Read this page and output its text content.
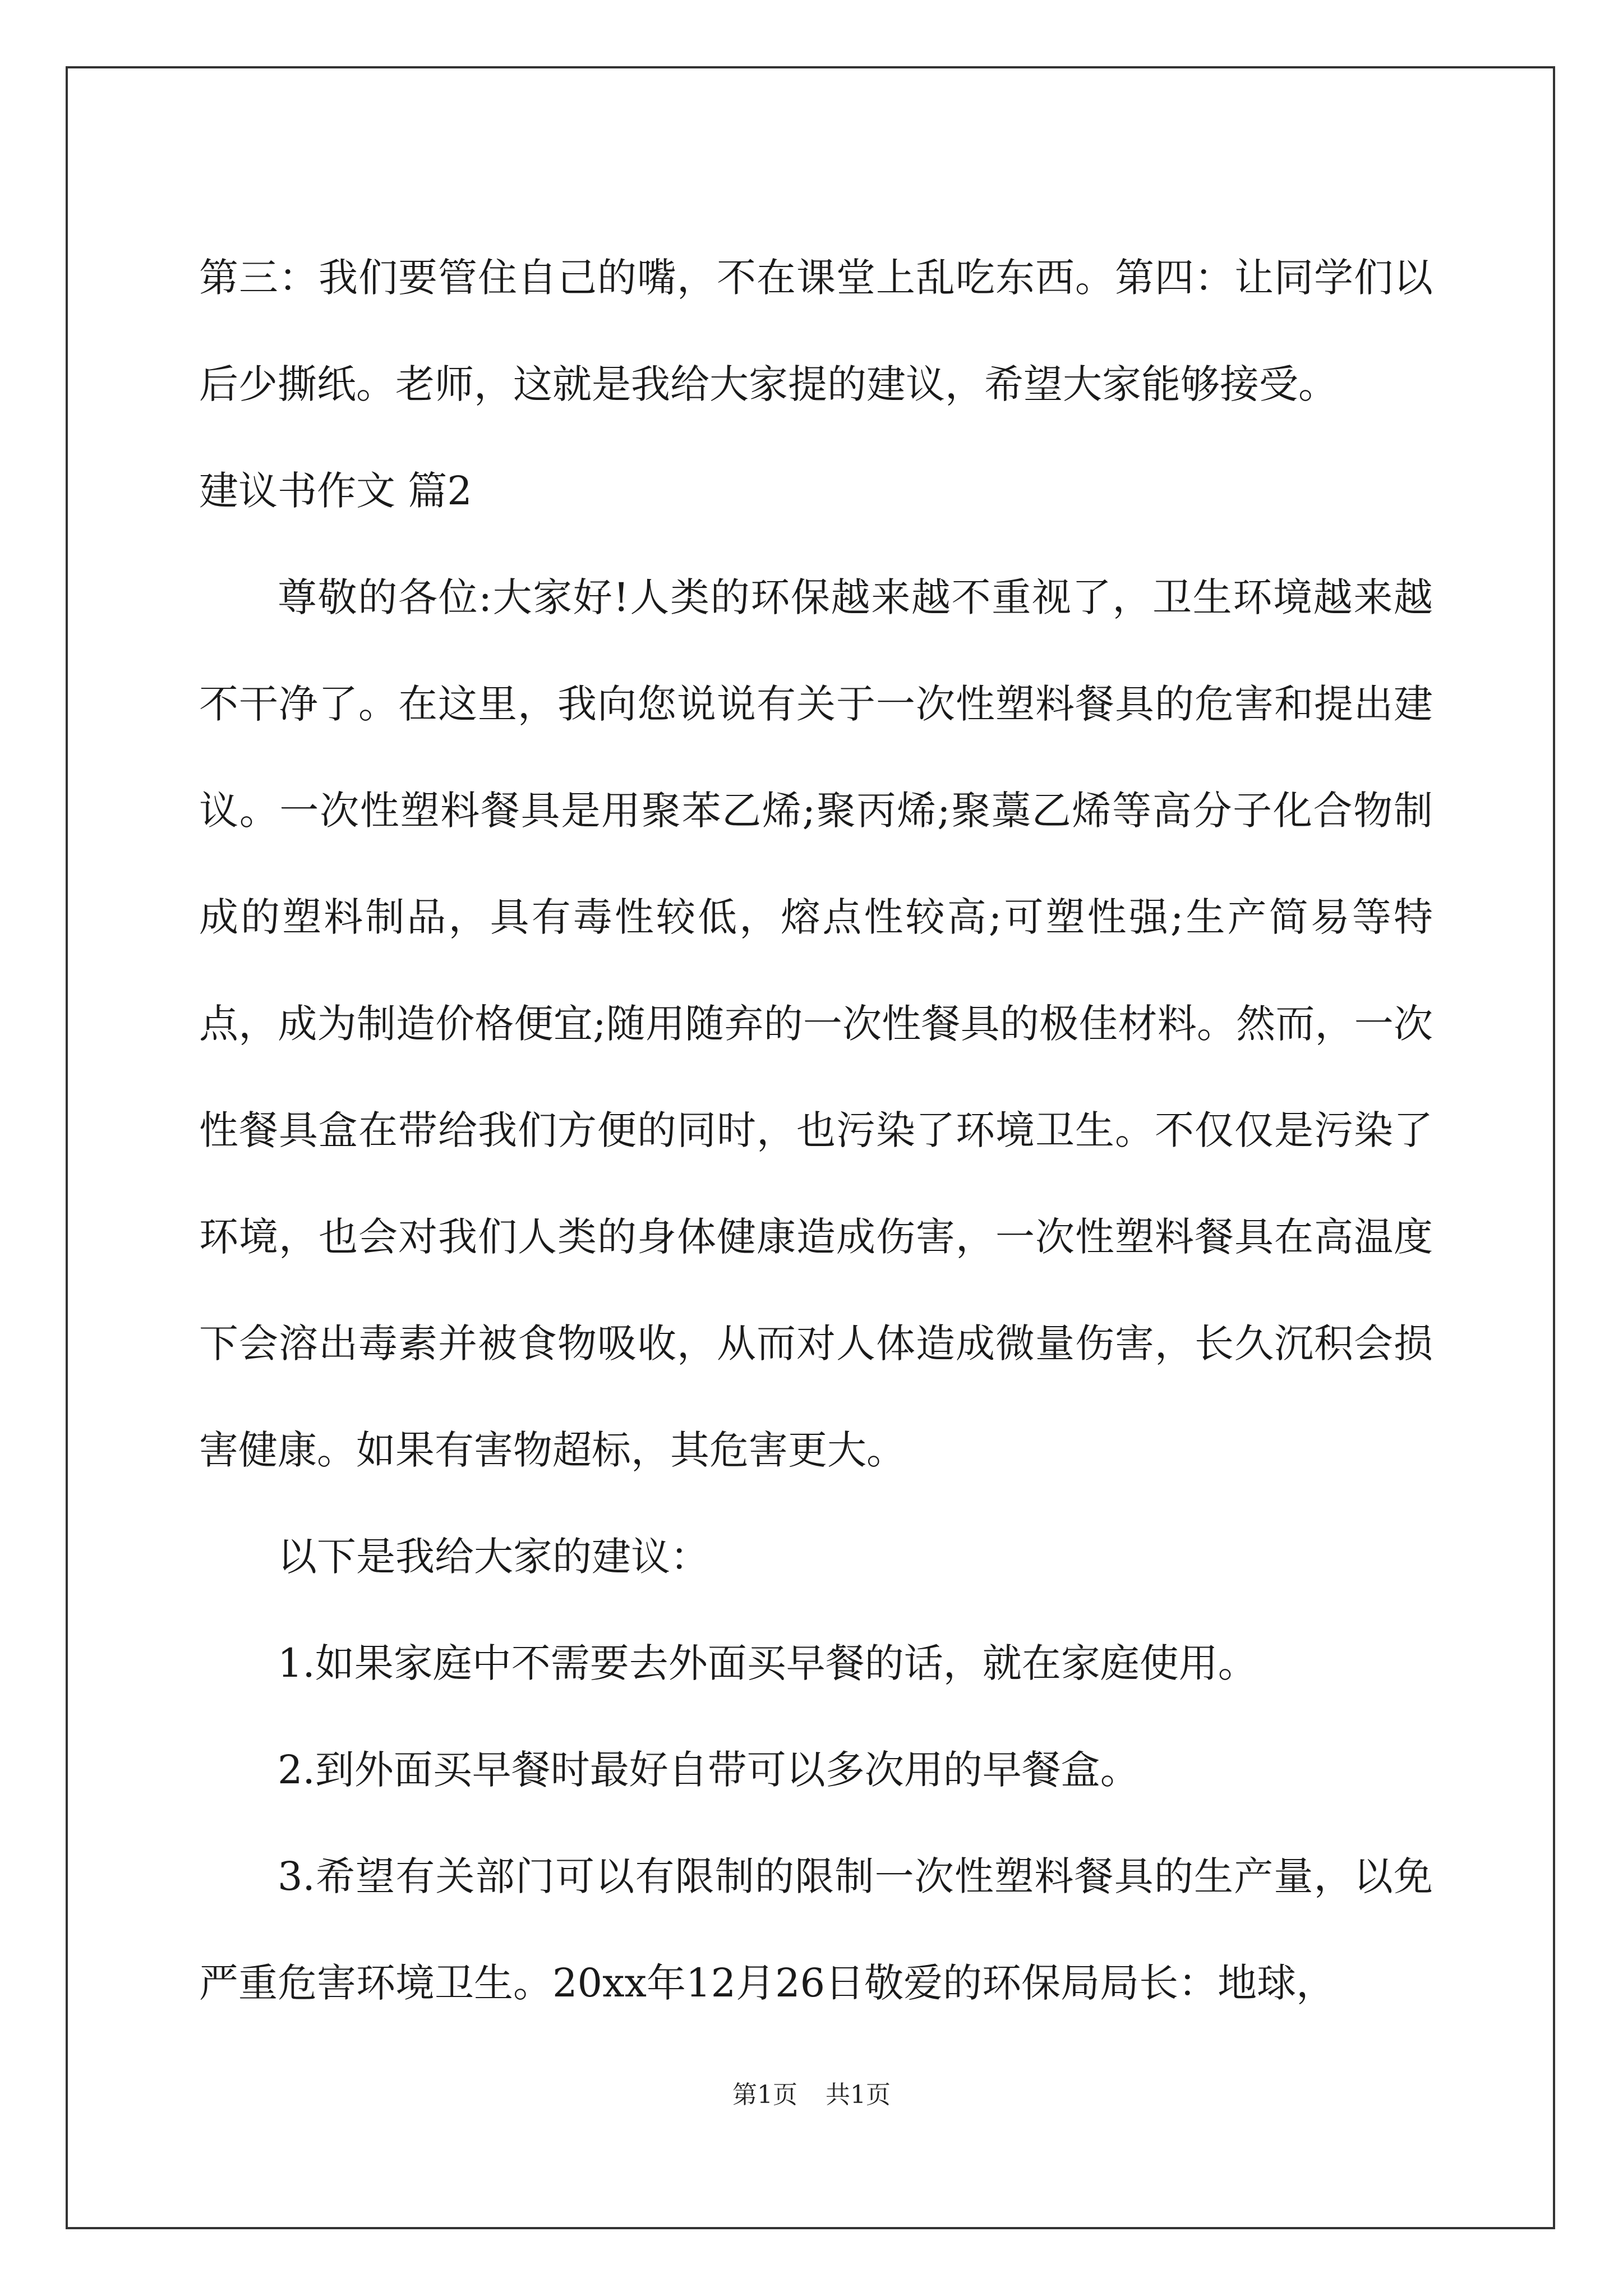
第三：我们要管住自己的嘴，不在课堂上乱吃东西。第四：让同学们以后少撕纸。老师，这就是我给大家提的建议，希望大家能够接受。

建议书作文 篇2

尊敬的各位:大家好!人类的环保越来越不重视了，卫生环境越来越不干净了。在这里，我向您说说有关于一次性塑料餐具的危害和提出建议。一次性塑料餐具是用聚苯乙烯;聚丙烯;聚藁乙烯等高分子化合物制成的塑料制品，具有毒性较低，熔点性较高;可塑性强;生产简易等特点，成为制造价格便宜;随用随弃的一次性餐具的极佳材料。然而，一次性餐具盒在带给我们方便的同时，也污染了环境卫生。不仅仅是污染了环境，也会对我们人类的身体健康造成伤害，一次性塑料餐具在高温度下会溶出毒素并被食物吸收，从而对人体造成微量伤害，长久沉积会损害健康。如果有害物超标，其危害更大。

以下是我给大家的建议：

1.如果家庭中不需要去外面买早餐的话，就在家庭使用。

2.到外面买早餐时最好自带可以多次用的早餐盒。

3.希望有关部门可以有限制的限制一次性塑料餐具的生产量，以免严重危害环境卫生。20xx年12月26日敬爱的环保局局长：地球，

第1页 共1页
